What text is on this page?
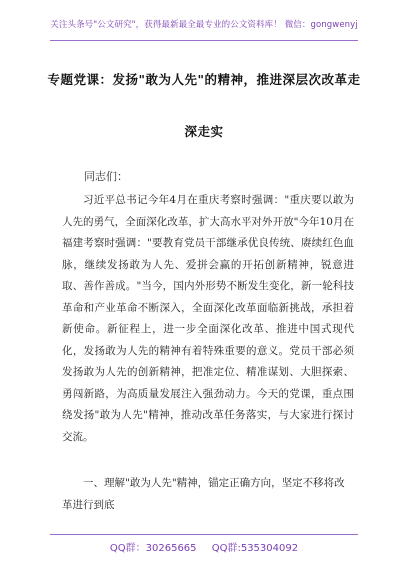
关注头条号"公文研究"，获得最新最全最专业的公文资料库！ 微信：gongwenyj
专题党课：发扬"敢为人先"的精神，推进深层次改革走
深走实
同志们：

习近平总书记今年4月在重庆考察时强调："重庆要以敢为人先的勇气，全面深化改革，扩大高水平对外开放"今年10月在福建考察时强调："要教育党员干部继承优良传统、赓续红色血脉，继续发扬敢为人先、爱拼会赢的开拓创新精神，锐意进取、善作善成。"当今，国内外形势不断发生变化，新一轮科技革命和产业革命不断深入，全面深化改革面临新挑战，承担着新使命。新征程上，进一步全面深化改革、推进中国式现代化，发扬敢为人先的精神有着特殊重要的意义。党员干部必须发扬敢为人先的创新精神，把准定位、精准谋划、大胆探索、勇闯新路，为高质量发展注入强劲动力。今天的党课，重点围绕发扬"敢为人先"精神，推动改革任务落实，与大家进行探讨交流。

一、理解"敢为人先"精神，锚定正确方向，坚定不移将改革进行到底

QQ群：30265665 QQ群:535304092
